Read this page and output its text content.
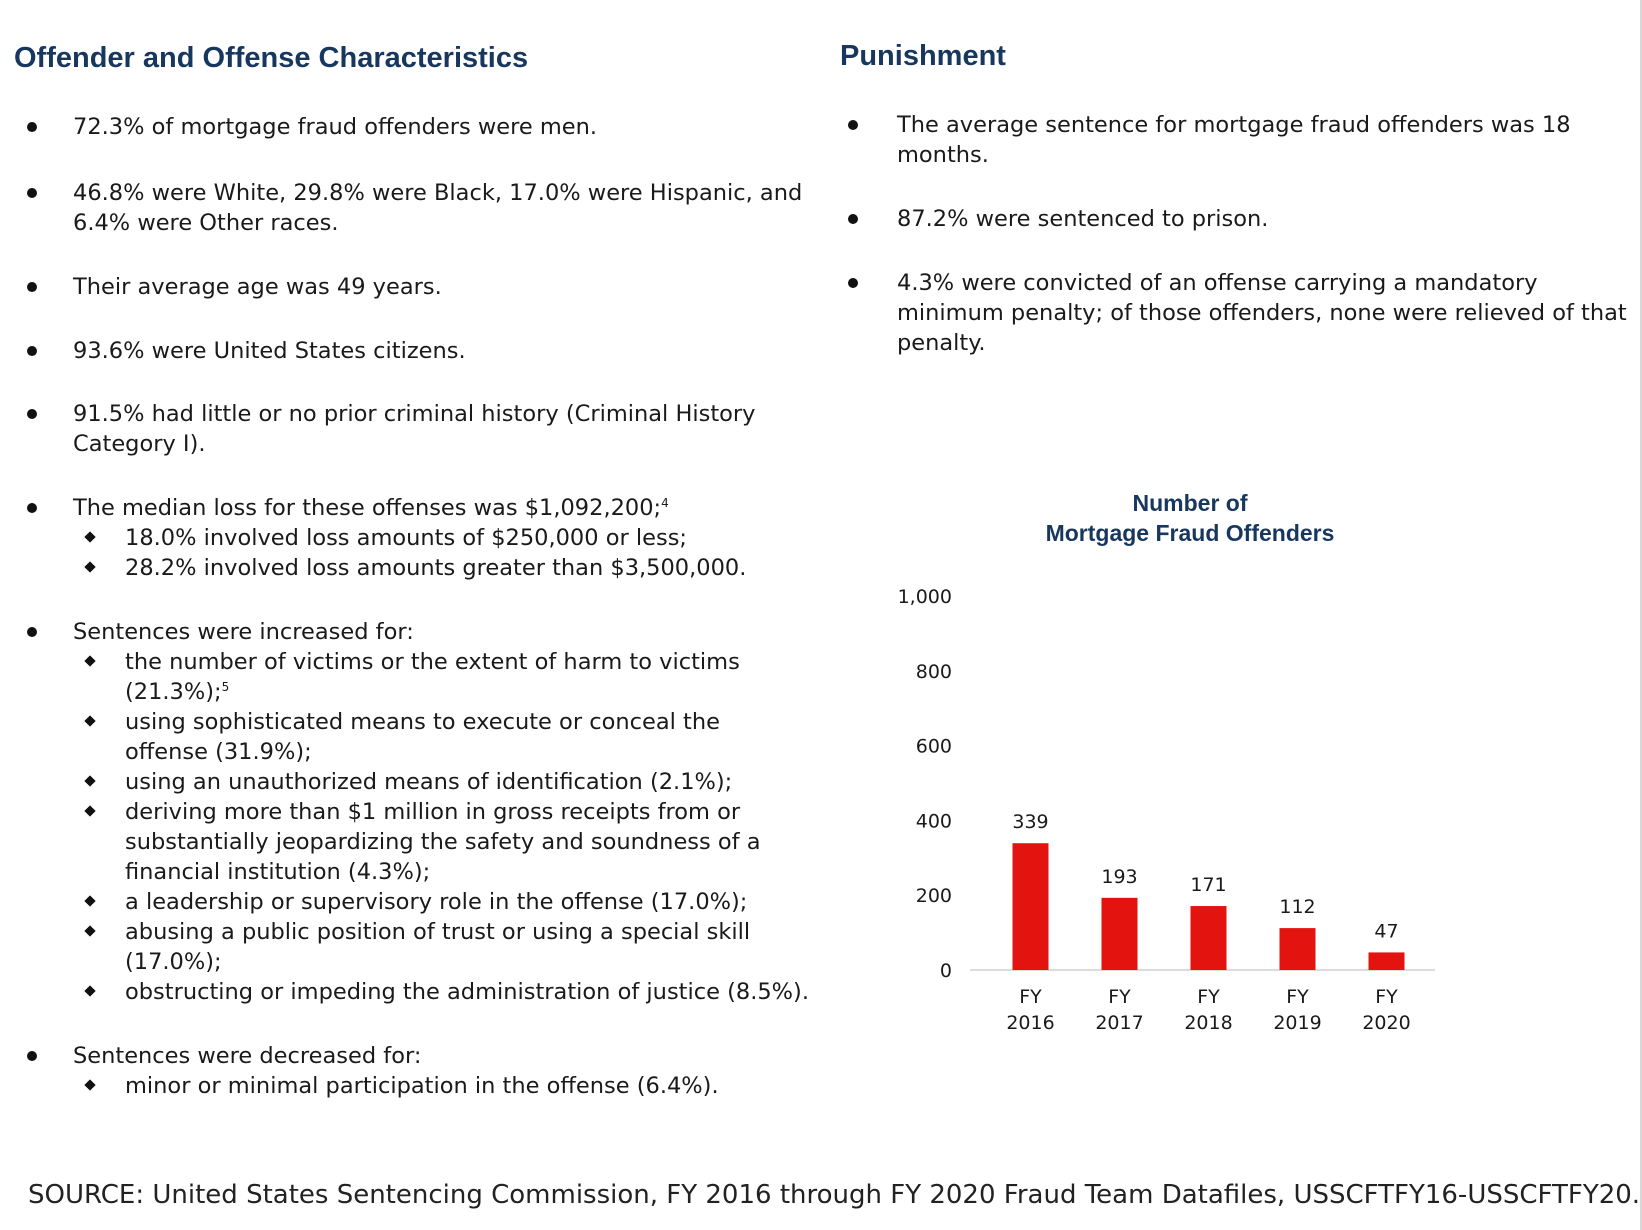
Offender and Offense Characteristics
72.3% of mortgage fraud offenders were men.
46.8% were White, 29.8% were Black, 17.0% were Hispanic, and 6.4% were Other races.
Their average age was 49 years.
93.6% were United States citizens.
91.5% had little or no prior criminal history (Criminal History Category I).
The median loss for these offenses was $1,092,200;$^4$
18.0% involved loss amounts of $250,000 or less;
28.2% involved loss amounts greater than $3,500,000.
Sentences were increased for:
the number of victims or the extent of harm to victims (21.3%);$^5$
using sophisticated means to execute or conceal the offense (31.9%);
using an unauthorized means of identification (2.1%);
deriving more than $1 million in gross receipts from or substantially jeopardizing the safety and soundness of a financial institution (4.3%);
a leadership or supervisory role in the offense (17.0%);
abusing a public position of trust or using a special skill (17.0%);
obstructing or impeding the administration of justice (8.5%).
Sentences were decreased for:
minor or minimal participation in the offense (6.4%).
Punishment
The average sentence for mortgage fraud offenders was 18 months.
87.2% were sentenced to prison.
4.3% were convicted of an offense carrying a mandatory minimum penalty; of those offenders, none were relieved of that penalty.
Number of
Mortgage Fraud Offenders
0
200
400
600
800
1,000
339
FY
2016
193
FY
2017
171
FY
2018
112
FY
2019
47
FY
2020

SOURCE: United States Sentencing Commission, FY 2016 through FY 2020 Fraud Team Datafiles, USSCFTFY16-USSCFTFY20.
